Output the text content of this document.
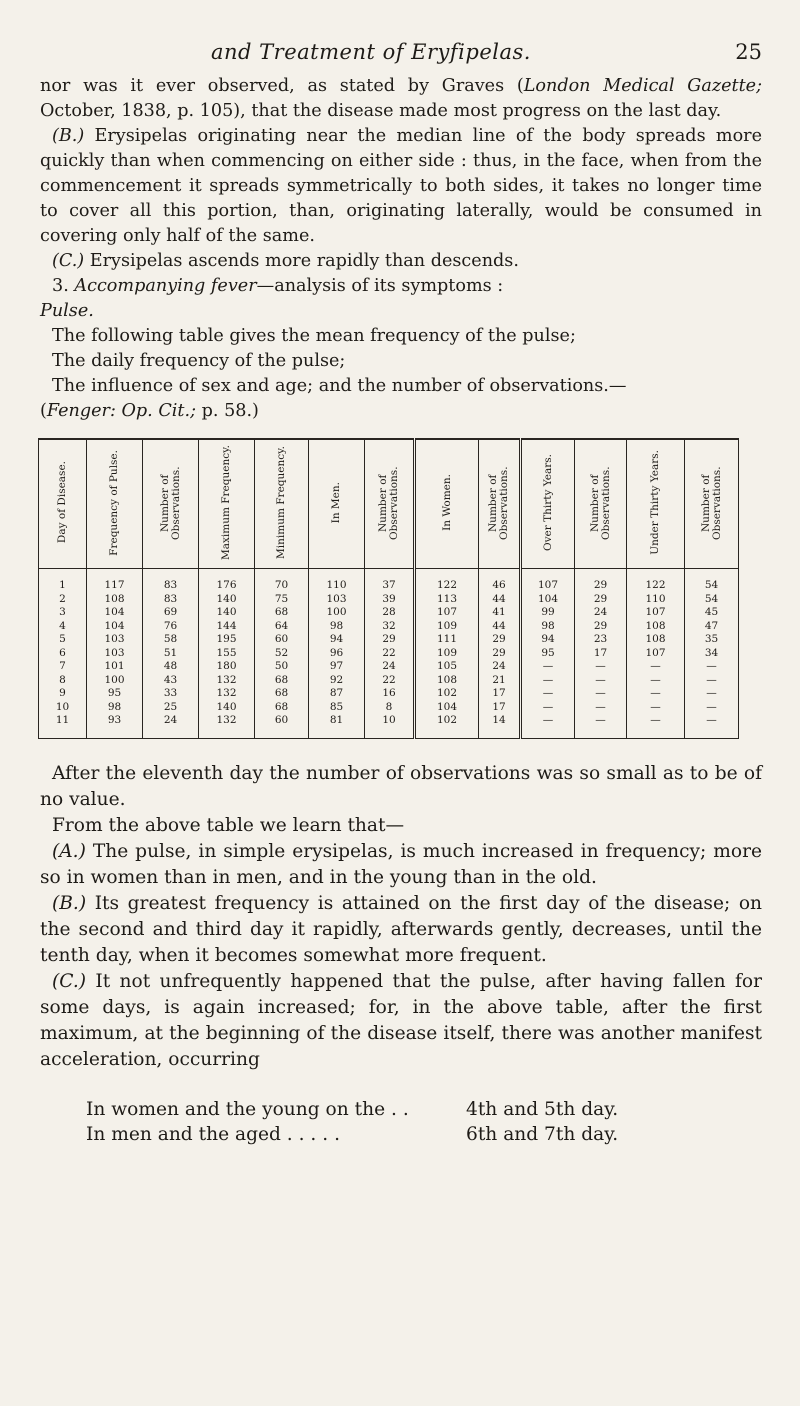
and Treatment of Eryfipelas.	25

nor was it ever observed, as stated by Graves (London Medical Gazette; October, 1838, p. 105), that the disease made most progress on the last day.

(B.) Erysipelas originating near the median line of the body spreads more quickly than when commencing on either side : thus, in the face, when from the commencement it spreads symmetrically to both sides, it takes no longer time to cover all this portion, than, originating laterally, would be consumed in covering only half of the same.

(C.) Erysipelas ascends more rapidly than descends.

3. Accompanying fever—analysis of its symptoms :

Pulse.

The following table gives the mean frequency of the pulse;

The daily frequency of the pulse;

The influence of sex and age; and the number of observations.—

(Fenger: Op. Cit.; p. 58.)

Day of Disease.	Frequency of Pulse.	Number of Observations.	Maximum Frequency.	Minimum Frequency.	In Men.	Number of Observations.	In Women.	Number of Observations.	Over Thirty Years.	Number of Observations.	Under Thirty Years.	Number of Observations.
1	117	83	176	70	110	37	122	46	107	29	122	54
2	108	83	140	75	103	39	113	44	104	29	110	54
3	104	69	140	68	100	28	107	41	99	24	107	45
4	104	76	144	64	98	32	109	44	98	29	108	47
5	103	58	195	60	94	29	111	29	94	23	108	35
6	103	51	155	52	96	22	109	29	95	17	107	34
7	101	48	180	50	97	24	105	24	—	—	—	—
8	100	43	132	68	92	22	108	21	—	—	—	—
9	95	33	132	68	87	16	102	17	—	—	—	—
10	98	25	140	68	85	8	104	17	—	—	—	—
11	93	24	132	60	81	10	102	14	—	—	—	—

After the eleventh day the number of observations was so small as to be of no value.

From the above table we learn that—

(A.) The pulse, in simple erysipelas, is much increased in frequency; more so in women than in men, and in the young than in the old.

(B.) Its greatest frequency is attained on the first day of the disease; on the second and third day it rapidly, afterwards gently, decreases, until the tenth day, when it becomes somewhat more frequent.

(C.) It not unfrequently happened that the pulse, after having fallen for some days, is again increased; for, in the above table, after the first maximum, at the beginning of the disease itself, there was another manifest acceleration, occurring

In women and the young on the . .	4th and 5th day.
In men and the aged . . . . .	6th and 7th day.
